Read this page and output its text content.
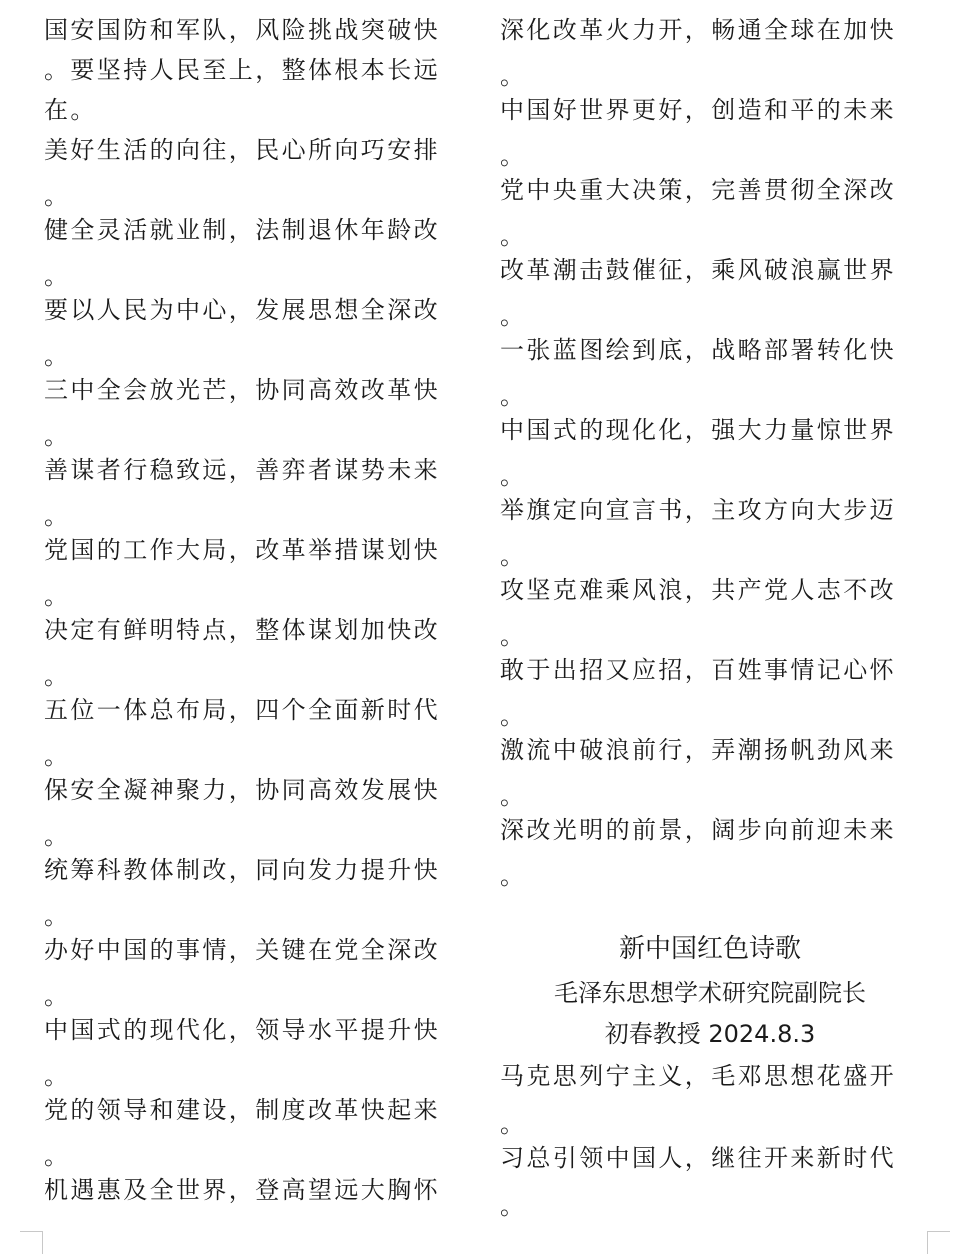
国安国防和军队，风险挑战突破快
。要坚持人民至上，整体根本长远
在。
美好生活的向往，民心所向巧安排
。
健全灵活就业制，法制退休年龄改
。
要以人民为中心，发展思想全深改
。
三中全会放光芒，协同高效改革快
。
善谋者行稳致远，善弈者谋势未来
。
党国的工作大局，改革举措谋划快
。
决定有鲜明特点，整体谋划加快改
。
五位一体总布局，四个全面新时代
。
保安全凝神聚力，协同高效发展快
。
统筹科教体制改，同向发力提升快
。
办好中国的事情，关键在党全深改
。
中国式的现代化，领导水平提升快
。
党的领导和建设，制度改革快起来
。
机遇惠及全世界，登高望远大胸怀
深化改革火力开，畅通全球在加快
。
中国好世界更好，创造和平的未来
。
党中央重大决策，完善贯彻全深改
。
改革潮击鼓催征，乘风破浪赢世界
。
一张蓝图绘到底，战略部署转化快
。
中国式的现化化，强大力量惊世界
。
举旗定向宣言书，主攻方向大步迈
。
攻坚克难乘风浪，共产党人志不改
。
敢于出招又应招，百姓事情记心怀
。
激流中破浪前行，弄潮扬帆劲风来
。
深改光明的前景，阔步向前迎未来
。
新中国红色诗歌
毛泽东思想学术研究院副院长
初春教授 2024.8.3
马克思列宁主义，毛邓思想花盛开
。
习总引领中国人，继往开来新时代
。
